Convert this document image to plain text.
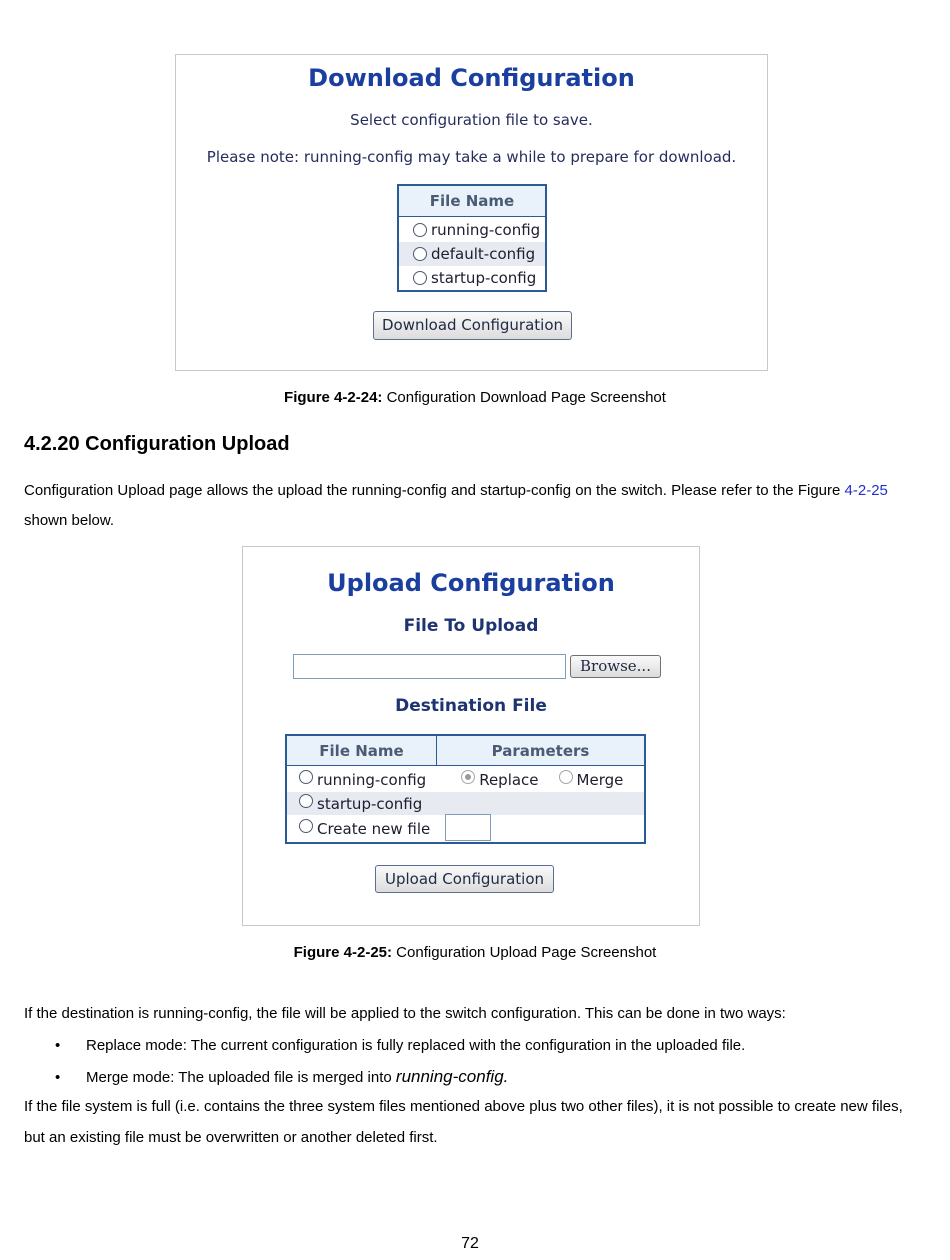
Download Configuration
Select configuration file to save.
Please note: running-config may take a while to prepare for download.
File Name
running-config
default-config
startup-config
Download Configuration
Figure 4-2-24: Configuration Download Page Screenshot
4.2.20 Configuration Upload
Configuration Upload page allows the upload the running-config and startup-config on the switch. Please refer to the Figure 4-2-25
shown below.
Upload Configuration
File To Upload
Browse...
Destination File
File Name	Parameters
running-config	Replace	Merge
startup-config
Create new file
Upload Configuration
Figure 4-2-25: Configuration Upload Page Screenshot
If the destination is running-config, the file will be applied to the switch configuration. This can be done in two ways:
• Replace mode: The current configuration is fully replaced with the configuration in the uploaded file.
• Merge mode: The uploaded file is merged into running-config.
If the file system is full (i.e. contains the three system files mentioned above plus two other files), it is not possible to create new files,
but an existing file must be overwritten or another deleted first.
72
